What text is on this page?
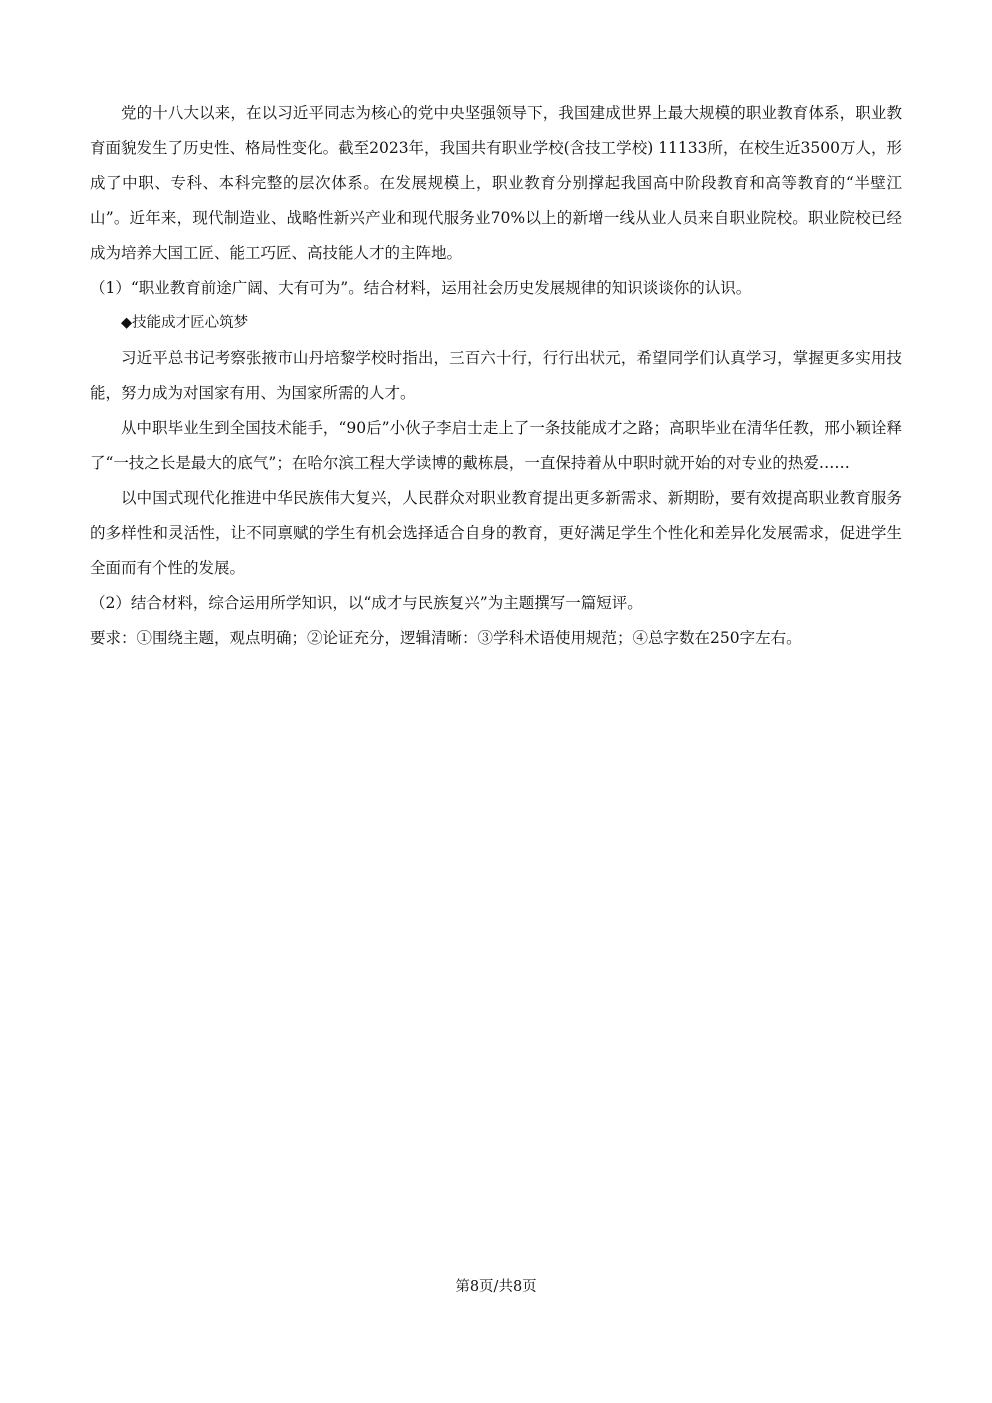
党的十八大以来，在以习近平同志为核心的党中央坚强领导下，我国建成世界上最大规模的职业教育体系，职业教育面貌发生了历史性、格局性变化。截至2023年，我国共有职业学校(含技工学校) 11133所，在校生近3500万人，形成了中职、专科、本科完整的层次体系。在发展规模上，职业教育分别撑起我国高中阶段教育和高等教育的“半壁江山”。近年来，现代制造业、战略性新兴产业和现代服务业70%以上的新增一线从业人员来自职业院校。职业院校已经成为培养大国工匠、能工巧匠、高技能人才的主阵地。

（1）“职业教育前途广阔、大有可为”。结合材料，运用社会历史发展规律的知识谈谈你的认识。

◆技能成才匠心筑梦

习近平总书记考察张掖市山丹培黎学校时指出，三百六十行，行行出状元，希望同学们认真学习，掌握更多实用技能，努力成为对国家有用、为国家所需的人才。

从中职毕业生到全国技术能手，“90后”小伙子李启士走上了一条技能成才之路；高职毕业在清华任教，邢小颖诠释了“一技之长是最大的底气”；在哈尔滨工程大学读博的戴栋晨，一直保持着从中职时就开始的对专业的热爱……

以中国式现代化推进中华民族伟大复兴，人民群众对职业教育提出更多新需求、新期盼，要有效提高职业教育服务的多样性和灵活性，让不同禀赋的学生有机会选择适合自身的教育，更好满足学生个性化和差异化发展需求，促进学生全面而有个性的发展。

（2）结合材料，综合运用所学知识，以“成才与民族复兴”为主题撰写一篇短评。

要求：①围绕主题，观点明确；②论证充分，逻辑清晰：③学科术语使用规范；④总字数在250字左右。

第8页/共8页
